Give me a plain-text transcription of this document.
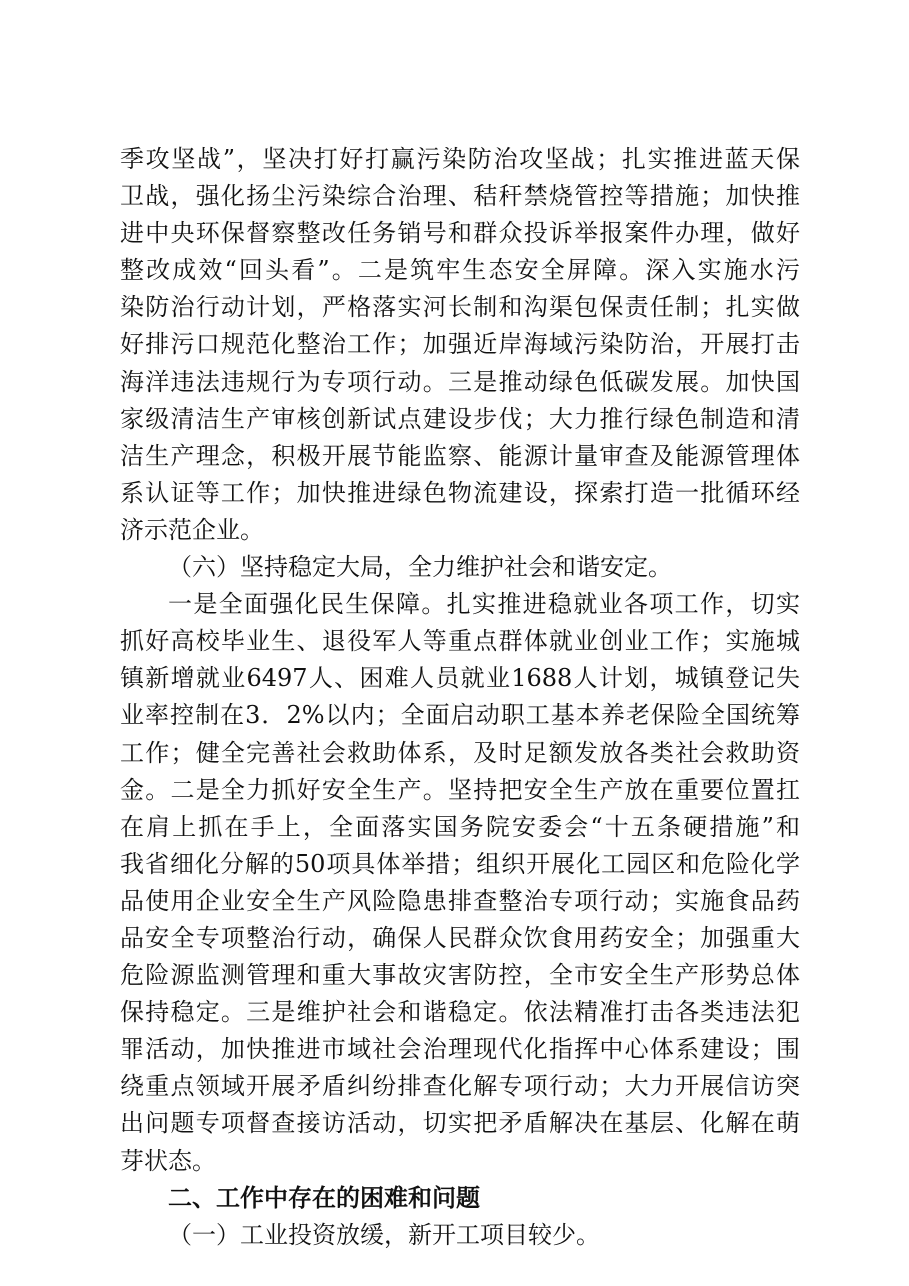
季攻坚战”，坚决打好打赢污染防治攻坚战；扎实推进蓝天保
卫战，强化扬尘污染综合治理、秸秆禁烧管控等措施；加快推
进中央环保督察整改任务销号和群众投诉举报案件办理，做好
整改成效“回头看”。二是筑牢生态安全屏障。深入实施水污
染防治行动计划，严格落实河长制和沟渠包保责任制；扎实做
好排污口规范化整治工作；加强近岸海域污染防治，开展打击
海洋违法违规行为专项行动。三是推动绿色低碳发展。加快国
家级清洁生产审核创新试点建设步伐；大力推行绿色制造和清
洁生产理念，积极开展节能监察、能源计量审查及能源管理体
系认证等工作；加快推进绿色物流建设，探索打造一批循环经
济示范企业。
（六）坚持稳定大局，全力维护社会和谐安定。
一是全面强化民生保障。扎实推进稳就业各项工作，切实
抓好高校毕业生、退役军人等重点群体就业创业工作；实施城
镇新增就业6497人、困难人员就业1688人计划，城镇登记失
业率控制在3．2%以内；全面启动职工基本养老保险全国统筹
工作；健全完善社会救助体系，及时足额发放各类社会救助资
金。二是全力抓好安全生产。坚持把安全生产放在重要位置扛
在肩上抓在手上，全面落实国务院安委会“十五条硬措施”和
我省细化分解的50项具体举措；组织开展化工园区和危险化学
品使用企业安全生产风险隐患排查整治专项行动；实施食品药
品安全专项整治行动，确保人民群众饮食用药安全；加强重大
危险源监测管理和重大事故灾害防控，全市安全生产形势总体
保持稳定。三是维护社会和谐稳定。依法精准打击各类违法犯
罪活动，加快推进市域社会治理现代化指挥中心体系建设；围
绕重点领域开展矛盾纠纷排查化解专项行动；大力开展信访突
出问题专项督查接访活动，切实把矛盾解决在基层、化解在萌
芽状态。
二、工作中存在的困难和问题
（一）工业投资放缓，新开工项目较少。
